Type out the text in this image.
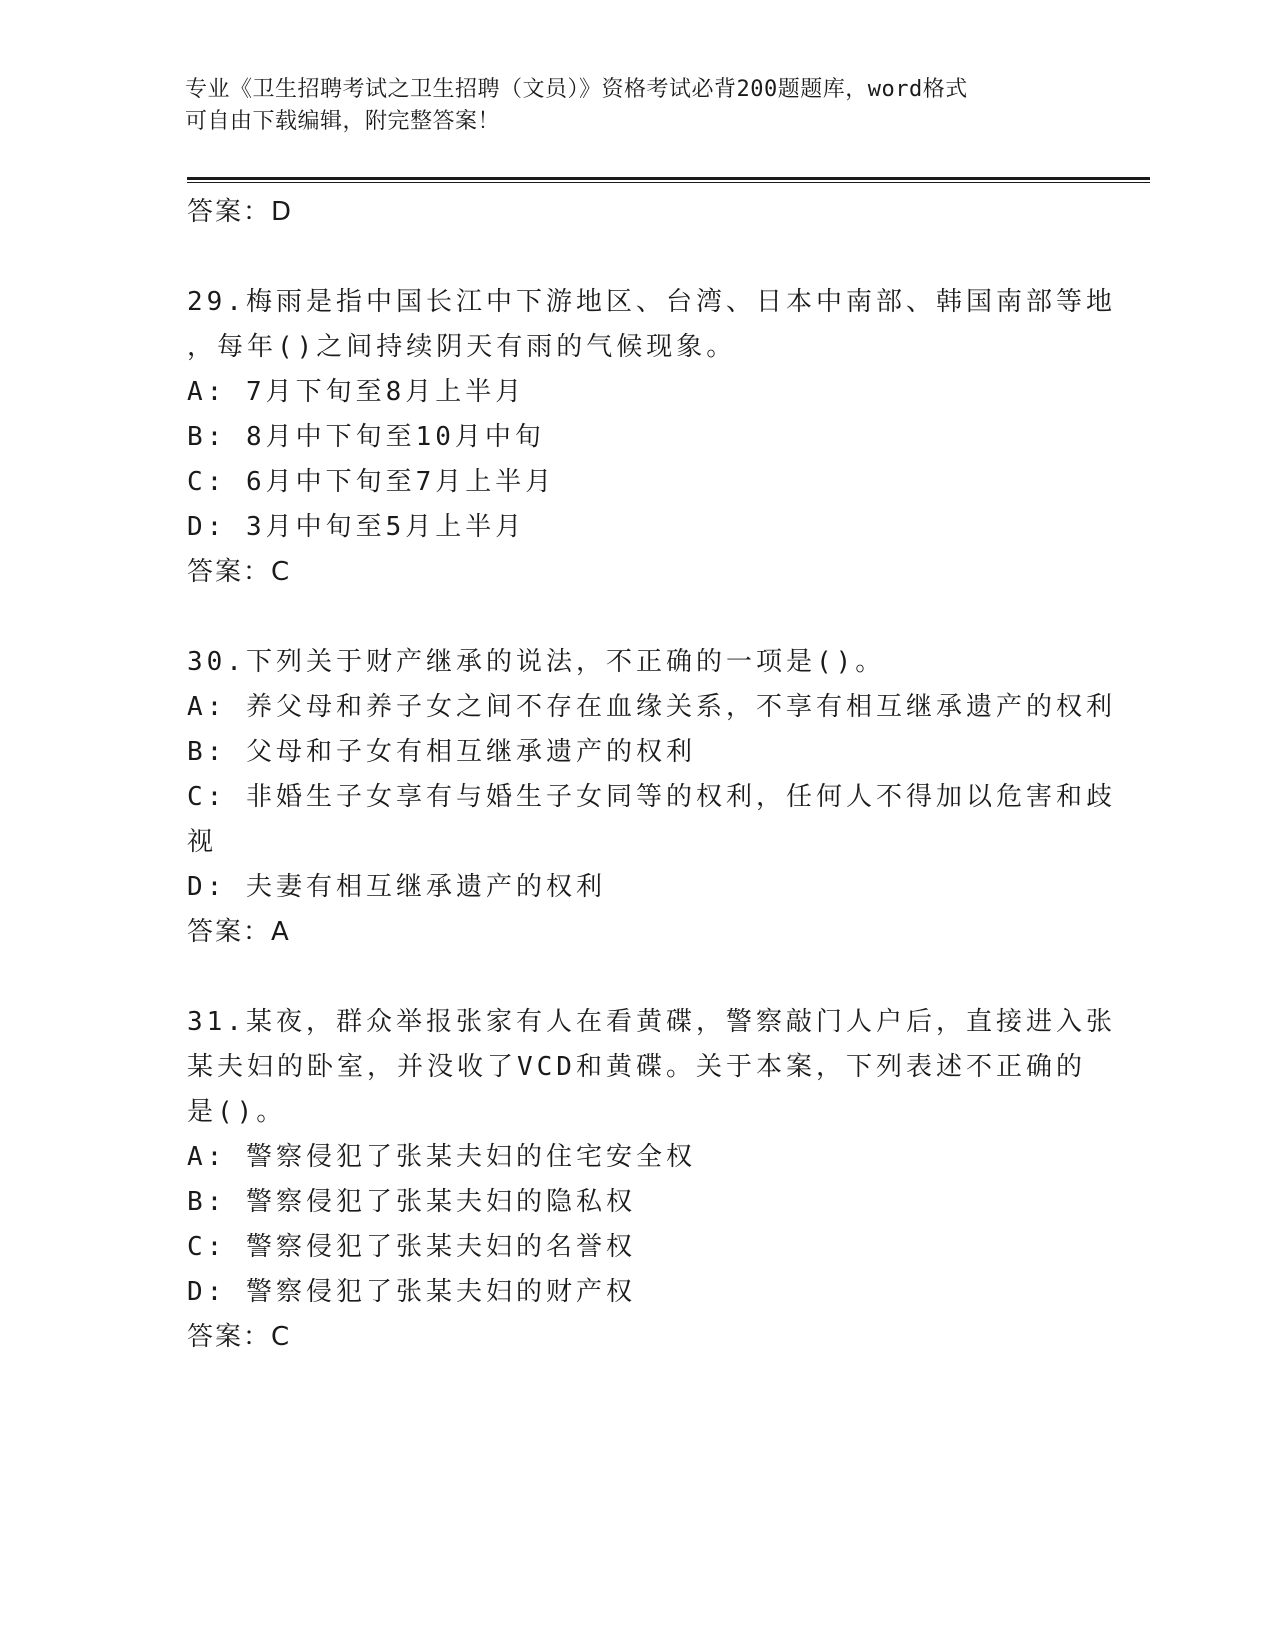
专业《卫生招聘考试之卫生招聘（文员）》资格考试必背200题题库，word格式
可自由下载编辑，附完整答案！
答案：D
29.梅雨是指中国长江中下游地区、台湾、日本中南部、韩国南部等地
，每年()之间持续阴天有雨的气候现象。
A: 7月下旬至8月上半月
B: 8月中下旬至10月中旬
C: 6月中下旬至7月上半月
D: 3月中旬至5月上半月
答案：C
30.下列关于财产继承的说法，不正确的一项是()。
A: 养父母和养子女之间不存在血缘关系，不享有相互继承遗产的权利
B: 父母和子女有相互继承遗产的权利
C: 非婚生子女享有与婚生子女同等的权利，任何人不得加以危害和歧
视
D: 夫妻有相互继承遗产的权利
答案：A
31.某夜，群众举报张家有人在看黄碟，警察敲门人户后，直接进入张
某夫妇的卧室，并没收了VCD和黄碟。关于本案，下列表述不正确的
是()。
A: 警察侵犯了张某夫妇的住宅安全权
B: 警察侵犯了张某夫妇的隐私权
C: 警察侵犯了张某夫妇的名誉权
D: 警察侵犯了张某夫妇的财产权
答案：C
